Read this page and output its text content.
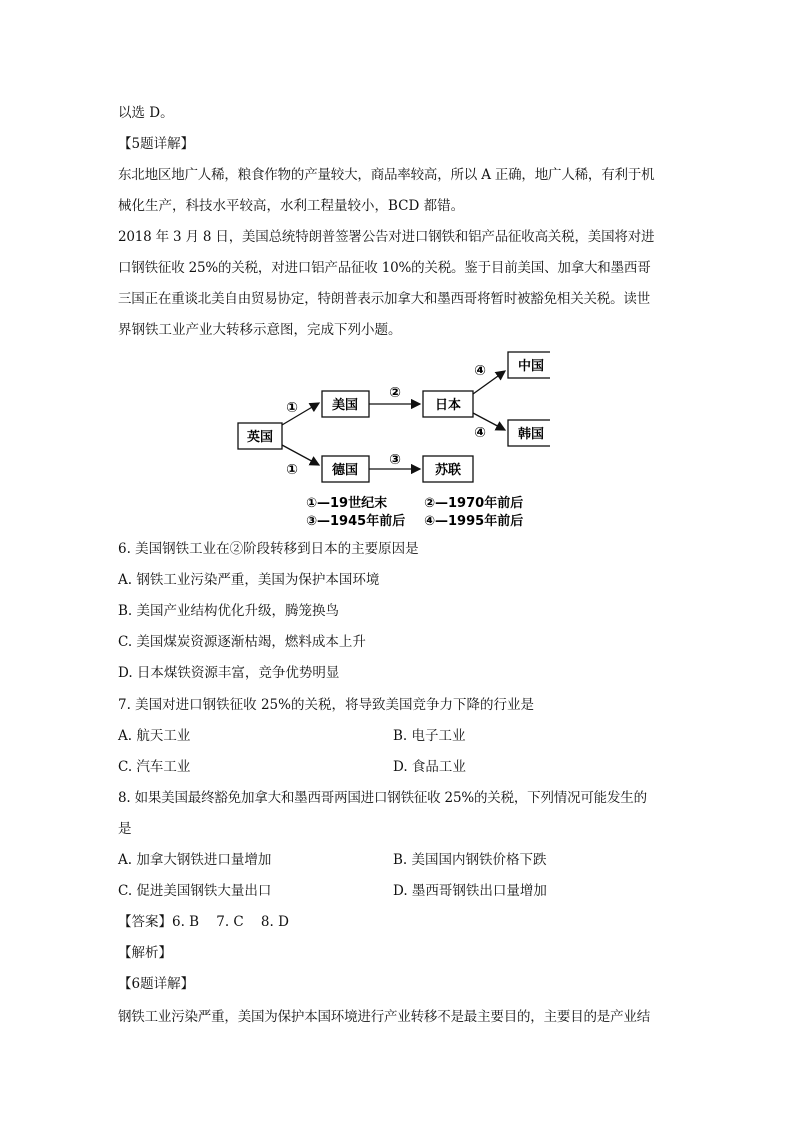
以选 D。
【5题详解】
东北地区地广人稀，粮食作物的产量较大，商品率较高，所以 A 正确，地广人稀，有利于机
械化生产，科技水平较高，水利工程量较小，BCD 都错。
2018 年 3 月 8 日，美国总统特朗普签署公告对进口钢铁和铝产品征收高关税，美国将对进
口钢铁征收 25%的关税，对进口铝产品征收 10%的关税。鉴于目前美国、加拿大和墨西哥
三国正在重谈北美自由贸易协定，特朗普表示加拿大和墨西哥将暂时被豁免相关关税。读世
界钢铁工业产业大转移示意图，完成下列小题。
英国
美国
德国
日本
苏联
中国
韩国
①
①
②
③
④
④
①—19世纪末	②—1970年前后
③—1945年前后 ④—1995年前后
6. 美国钢铁工业在②阶段转移到日本的主要原因是
A. 钢铁工业污染严重，美国为保护本国环境
B. 美国产业结构优化升级，腾笼换鸟
C. 美国煤炭资源逐渐枯竭，燃料成本上升
D. 日本煤铁资源丰富，竞争优势明显
7. 美国对进口钢铁征收 25%的关税，将导致美国竞争力下降的行业是
A. 航天工业	B. 电子工业
C. 汽车工业	D. 食品工业
8. 如果美国最终豁免加拿大和墨西哥两国进口钢铁征收 25%的关税，下列情况可能发生的
是
A. 加拿大钢铁进口量增加	B. 美国国内钢铁价格下跌
C. 促进美国钢铁大量出口	D. 墨西哥钢铁出口量增加
【答案】6. B    7. C    8. D
【解析】
【6题详解】
钢铁工业污染严重，美国为保护本国环境进行产业转移不是最主要目的，主要目的是产业结
